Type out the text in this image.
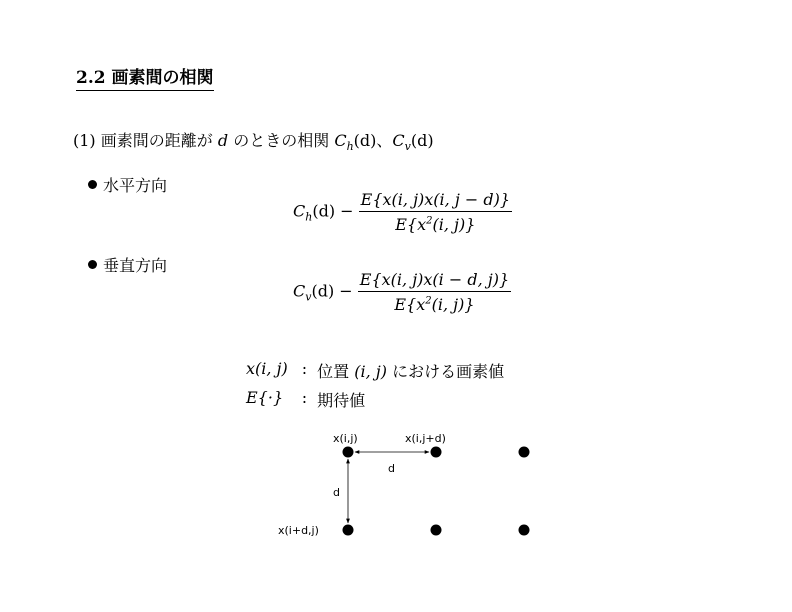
2.2 画素間の相関
(1) 画素間の距離が d のときの相関 $C_h(d)$、$C_v(d)$
水平方向
$C_h(d) - \frac{E\{x(i, j)x(i, j - d)\}}{E\{x^2(i, j)\}}$
垂直方向
$C_v(d) - \frac{E\{x(i, j)x(i - d, j)\}}{E\{x^2(i, j)\}}$
x(i, j)	:	位置 (i, j) における画素値
E{·}	:	期待値
x(i,j)	x(i,j+d)
d
d
x(i+d,j)
